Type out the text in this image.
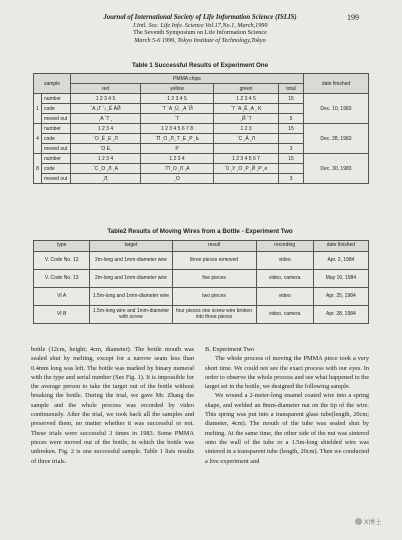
Journal of International Society of Life Information Science (ISLIS)
J.Intl. Soc. Life Info. Science Vol.17,No.1, March,1999
The Seventh Symposium on Life Information Science
March 5-6 1999, Tokyo Institute of Technology,Tokyo
199
Table 1 Successful Results of Experiment One
sample		PMMA chips				date finished
		red	yellow	green	total	
1	number	1 2 3 4 5	1 2 3 4 5	1 2 3 4 5	15	Dec. 10, 1983
	code	ˇA ¡T ˇ¡ ¸Ё ÄЙ	ˇT ˇA ¸Ü, ¸A ˇЙ	ˇT ˇA ¸Ё ¸A ¸ K		
	moved out	¸A ˇT ¸	ˇT	¸Й ˇT	5	
4	number	1 2 3 4	1 2 3 4 5 6 7 8	1 2 3	15	Dec. 28, 1983
	code	ˇO ¸Ё ¸E ¸Л	ˇП ¸О ¸Л ¸Т ¸Е ¸Р ¸Ь	ˇC ¸Ä ¸Л		
	moved out	ˇO E,	P		3	
8	number	1 2 3 4	1 2 3 4	1 2 3 4 5 6 7	15	Dec. 30, 1983
	code	ˇC ¸O ¸Л ¸A	ˇП ¸O ¸Л ¸A	ˇ0 ¸У ¸O ¸P ¸Й ¸P ¸e		
	moved out	¸Л,	¸O		3	
Table2 Results of Moving Wires from a Bottle - Experiment Two
type	target	result	recording	date finished
V. Code No. 12	2m-long and 1mm-diameter wire	three pieces removed	video	Apr. 2, 1984
V. Code No. 13	2m-long and 1mm-diameter wire	five pieces	video, camera	May 10, 1984
VI A	1.5m-long and 1mm-diameter wire	two pieces	video	Apr. 25, 1984
VI B	1.5m-long wire and 1mm-diameter with screw	four pieces one screw wire broken into three pieces	video, camera	Apr. 28, 1984
bottle (12cm, height; 4cm, diameter). The bottle mouth was sealed shut by melting, except for a narrow seam less than 0.4mm long was left. The bottle was marked by binary numeral with the type and serial number (See Fig. 1). It is impossible for the average person to take the target out of the bottle without breaking the bottle. During the trial, we gave Mr. Zhang the sample and the whole process was recorded by video continuously. After the trial, we took back all the samples and preserved them, no matter whether it was successful or not. These trials were successful 3 times in 1983. Some PMMA pieces were moved out of the bottle, in which the bottle was unbroken. Fig. 2 is one successful sample. Table 1 lists results of three trials.
B. Experiment Two
The whole process of moving the PMMA piece took a very short time. We could not see the exact process with our eyes. In order to observe the whole process and see what happened to the target set in the bottle, we designed the following sample.
We wound a 2-meter-long enamel coated wire into a spring shape, and welded an 8mm-diameter nut on the tip of the wire. This spring was put into a transparent glass tube(length, 20cm; diameter, 4cm). The mouth of the tube was sealed shut by melting. At the same time, the other side of the nut was sintered onto the wall of the tube or a 1.5m-long shielded wire was sintered in a transparent tube (length, 20cm). Then we conducted a live experiment and
X博士
